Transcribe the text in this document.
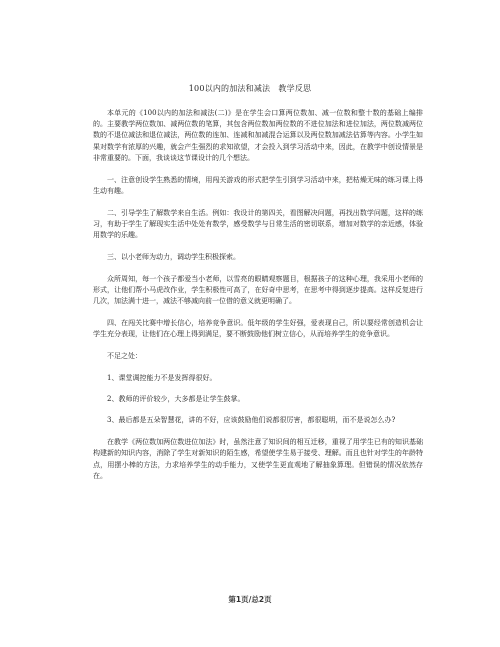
100以内的加法和减法　教学反思

本单元的《100以内的加法和减法(二)》是在学生会口算两位数加、减一位数和整十数的基础上编排的。主要教学两位数加、减两位数的笔算，其包含两位数加两位数的不进位加法和进位加法，两位数减两位数的不退位减法和退位减法，两位数的连加、连减和加减混合运算以及两位数加减法估算等内容。小学生如果对数学有浓厚的兴趣，就会产生强烈的求知欲望，才会投入到学习活动中来，因此，在教学中创设情景是非常重要的。下面，我谈谈这节课设计的几个想法。

一、注意创设学生熟悉的情境，用闯关游戏的形式把学生引到学习活动中来，把枯燥无味的练习课上得生动有趣。

二、引导学生了解数学来自生活。例如：我设计的第四关，看图解决问题，再找出数学问题，这样的练习，有助于学生了解现实生活中处处有数学，感受数学与日常生活的密切联系，增加对数学的亲近感，体验用数学的乐趣。

三、以小老师为动力，调动学生积极探索。

众所周知，每一个孩子都爱当小老师，以雪亮的眼睛观察题目，根据孩子的这种心理，我采用小老师的形式，让他们帮小马虎改作业，学生积极性可高了，在好奇中思考，在思考中得到逐步提高。这样反复进行几次，加法满十进一，减法不够减向前一位借的意义就更明确了。

四、在闯关比赛中增长信心，培养竞争意识。低年级的学生好强，爱表现自己，所以要经常创造机会让学生充分表现，让他们在心理上得到满足，要不断鼓励他们树立信心，从而培养学生的竞争意识。

不足之处：

1、课堂调控能力不是发挥得很好。

2、教师的评价较少，大多都是让学生鼓掌。

3、最后都是五朵智慧花，讲的不好，应该鼓励他们说都很厉害，都很聪明，而不是说怎么办?

在教学《两位数加两位数进位加法》时，虽然注意了知识间的相互迁移，重视了用学生已有的知识基础构建新的知识内容，消除了学生对新知识的陌生感，希望使学生易于接受、理解。而且也针对学生的年龄特点，用摆小棒的方法，力求培养学生的动手能力，又使学生更直观地了解抽象算理。但错误的情况依然存在。

第1页/总2页
